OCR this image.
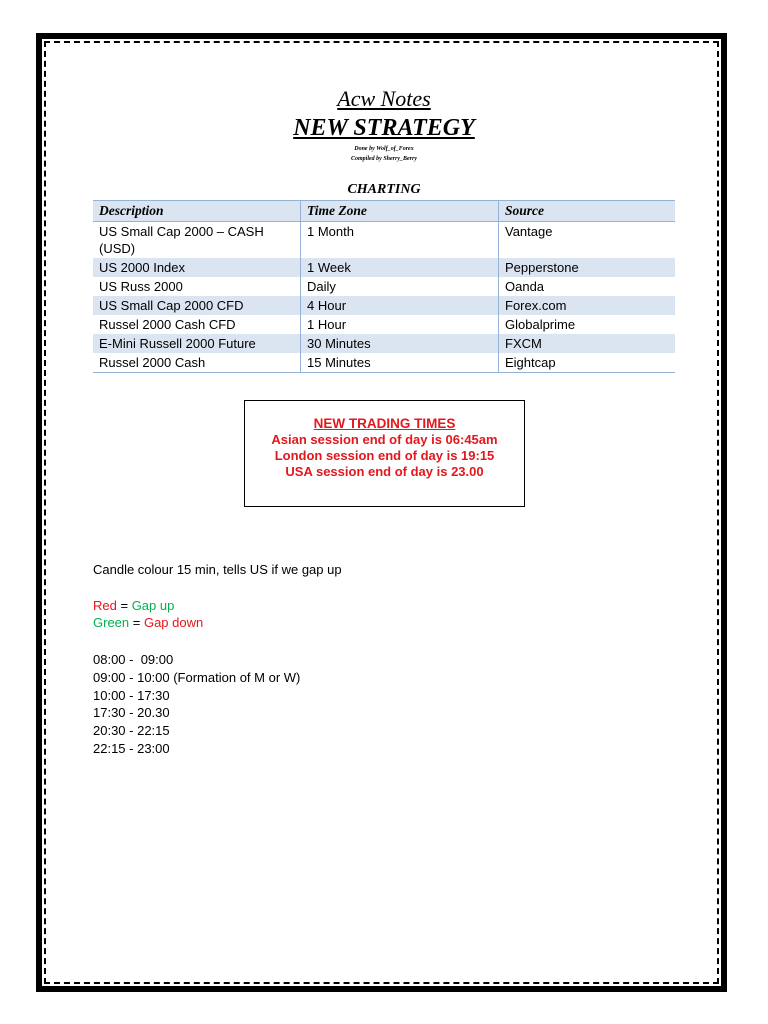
Acw Notes
NEW STRATEGY
Done by Wolf_of_Forex
Compiled by Sherry_Berry
CHARTING
Description	Time Zone	Source
US Small Cap 2000 – CASH (USD)	1 Month	Vantage
US 2000 Index	1 Week	Pepperstone
US Russ 2000	Daily	Oanda
US Small Cap 2000 CFD	4 Hour	Forex.com
Russel 2000 Cash CFD	1 Hour	Globalprime
E-Mini Russell 2000 Future	30 Minutes	FXCM
Russel 2000 Cash	15 Minutes	Eightcap
NEW TRADING TIMES
Asian session end of day is 06:45am
London session end of day is 19:15
USA session end of day is 23.00
Candle colour 15 min, tells US if we gap up
Red = Gap up
Green = Gap down
08:00 -  09:00
09:00 - 10:00 (Formation of M or W)
10:00 - 17:30
17:30 - 20.30
20:30 - 22:15
22:15 - 23:00
